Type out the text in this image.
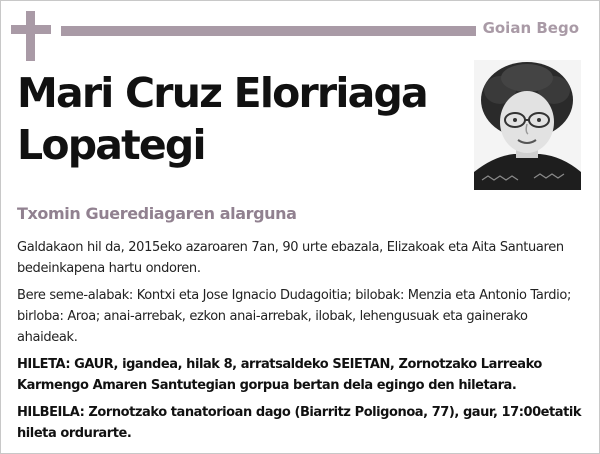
Goian Bego
Mari Cruz Elorriaga Lopategi
Txomin Guerediagaren alarguna

Galdakaon hil da, 2015eko azaroaren 7an, 90 urte ebazala, Elizakoak eta Aita Santuaren bedeinkapena hartu ondoren.

Bere seme-alabak: Kontxi eta Jose Ignacio Dudagoitia; bilobak: Menzia eta Antonio Tardio; birloba: Aroa; anai-arrebak, ezkon anai-arrebak, ilobak, lehengusuak eta gainerako ahaideak.

HILETA: GAUR, igandea, hilak 8, arratsaldeko SEIETAN, Zornotzako Larreako Karmengo Amaren Santutegian gorpua bertan dela egingo den hiletara.

HILBEILA: Zornotzako tanatorioan dago (Biarritz Poligonoa, 77), gaur, 17:00etatik hileta ordurarte.
